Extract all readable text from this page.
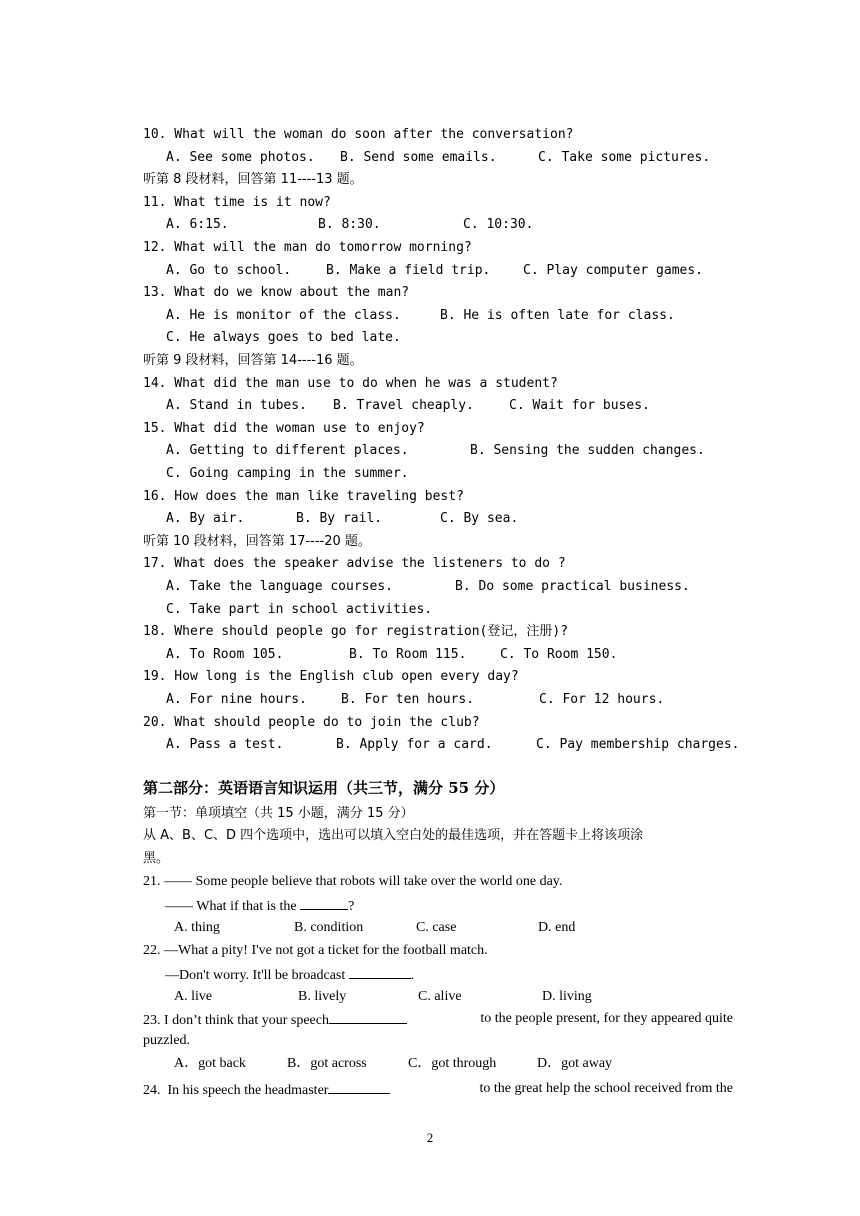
10. What will the woman do soon after the conversation?
A. See some photos. B. Send some emails.	C. Take some pictures.
听第 8 段材料，回答第 11----13 题。
11. What time is it now?
A. 6:15.	B. 8:30.	C. 10:30.
12. What will the man do tomorrow morning?
A. Go to school.	B. Make a field trip.	C. Play computer games.
13. What do we know about the man?
A. He is monitor of the class.	B. He is often late for class.
C. He always goes to bed late.
听第 9 段材料，回答第 14----16 题。
14. What did the man use to do when he was a student?
A. Stand in tubes. B. Travel cheaply.	C. Wait for buses.
15. What did the woman use to enjoy?
A. Getting to different places.	B. Sensing the sudden changes.
C. Going camping in the summer.
16. How does the man like traveling best?
A. By air.	B. By rail.	C. By sea.
听第 10 段材料，回答第 17----20 题。
17. What does the speaker advise the listeners to do ?
A. Take the language courses.	B. Do some practical business.
C. Take part in school activities.
18. Where should people go for registration(登记，注册)?
A. To Room 105.	B. To Room 115.	C. To Room 150.
19. How long is the English club open every day?
A. For nine hours.	B. For ten hours.	C. For 12 hours.
20. What should people do to join the club?
A. Pass a test.	B. Apply for a card.	C. Pay membership charges.
第二部分：英语语言知识运用（共三节，满分 55 分）
第一节：单项填空（共 15 小题，满分 15 分）
从 A、B、C、D 四个选项中，选出可以填入空白处的最佳选项，并在答题卡上将该项涂
黑。
21. —— Some people believe that robots will take over the world one day.
—— What if that is the	?
A. thing	B. condition	C. case	D. end
22. —What a pity! I've not got a ticket for the football match.
—Don't worry. It'll be broadcast	.
A. live	B. lively	C. alive	D. living
23. I don’t think that your speech	to the people present, for they appeared quite
puzzled.
A．got back	B．got across	C．got through	D．got away
24.  In his speech the headmaster	to the great help the school received from the
2
